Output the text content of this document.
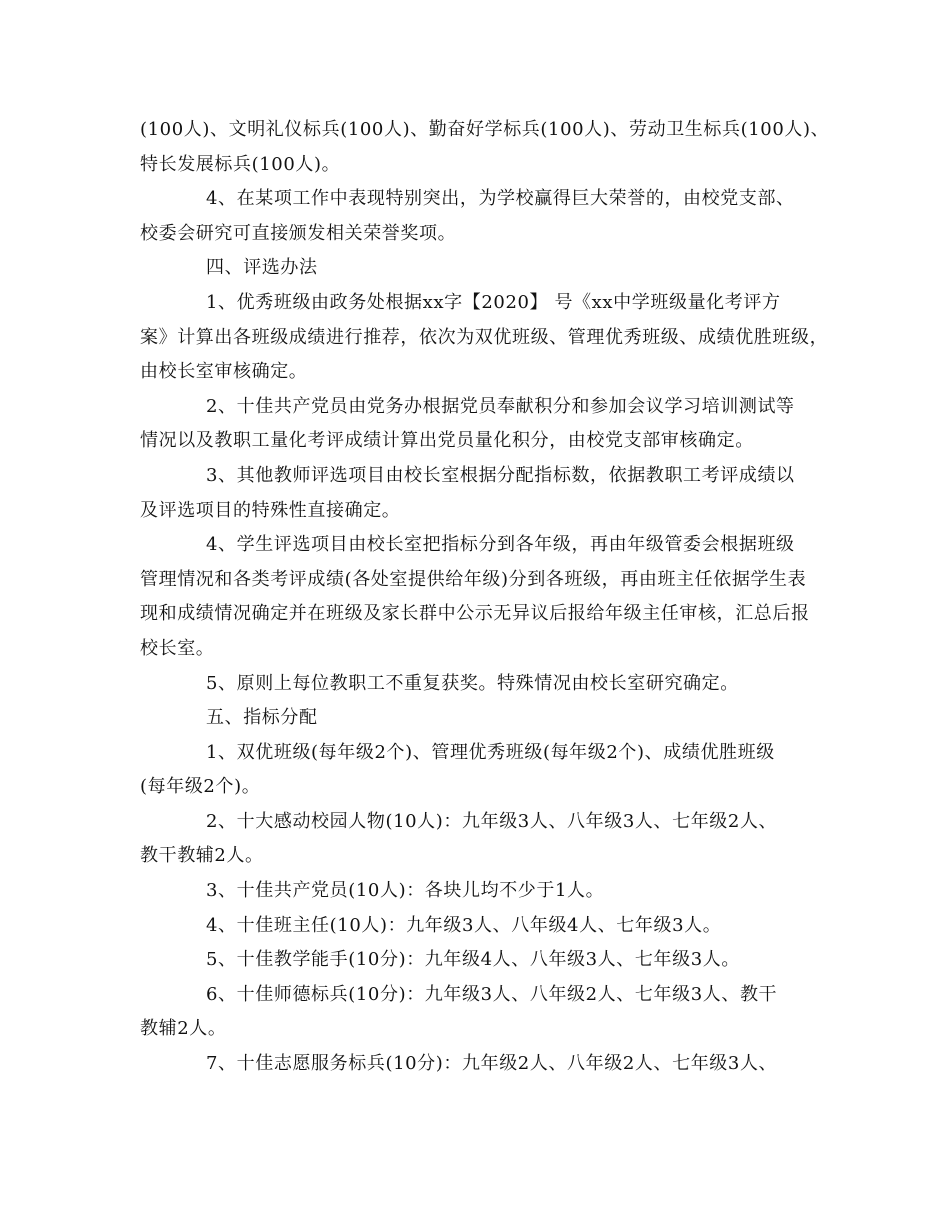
(100人)、文明礼仪标兵(100人)、勤奋好学标兵(100人)、劳动卫生标兵(100人)、
特长发展标兵(100人)。
4、在某项工作中表现特别突出，为学校赢得巨大荣誉的，由校党支部、
校委会研究可直接颁发相关荣誉奖项。
四、评选办法
1、优秀班级由政务处根据xx字【2020】 号《xx中学班级量化考评方
案》计算出各班级成绩进行推荐，依次为双优班级、管理优秀班级、成绩优胜班级，
由校长室审核确定。
2、十佳共产党员由党务办根据党员奉献积分和参加会议学习培训测试等
情况以及教职工量化考评成绩计算出党员量化积分，由校党支部审核确定。
3、其他教师评选项目由校长室根据分配指标数，依据教职工考评成绩以
及评选项目的特殊性直接确定。
4、学生评选项目由校长室把指标分到各年级，再由年级管委会根据班级
管理情况和各类考评成绩(各处室提供给年级)分到各班级，再由班主任依据学生表
现和成绩情况确定并在班级及家长群中公示无异议后报给年级主任审核，汇总后报
校长室。
5、原则上每位教职工不重复获奖。特殊情况由校长室研究确定。
五、指标分配
1、双优班级(每年级2个)、管理优秀班级(每年级2个)、成绩优胜班级
(每年级2个)。
2、十大感动校园人物(10人)：九年级3人、八年级3人、七年级2人、
教干教辅2人。
3、十佳共产党员(10人)：各块儿均不少于1人。
4、十佳班主任(10人)：九年级3人、八年级4人、七年级3人。
5、十佳教学能手(10分)：九年级4人、八年级3人、七年级3人。
6、十佳师德标兵(10分)：九年级3人、八年级2人、七年级3人、教干
教辅2人。
7、十佳志愿服务标兵(10分)：九年级2人、八年级2人、七年级3人、
